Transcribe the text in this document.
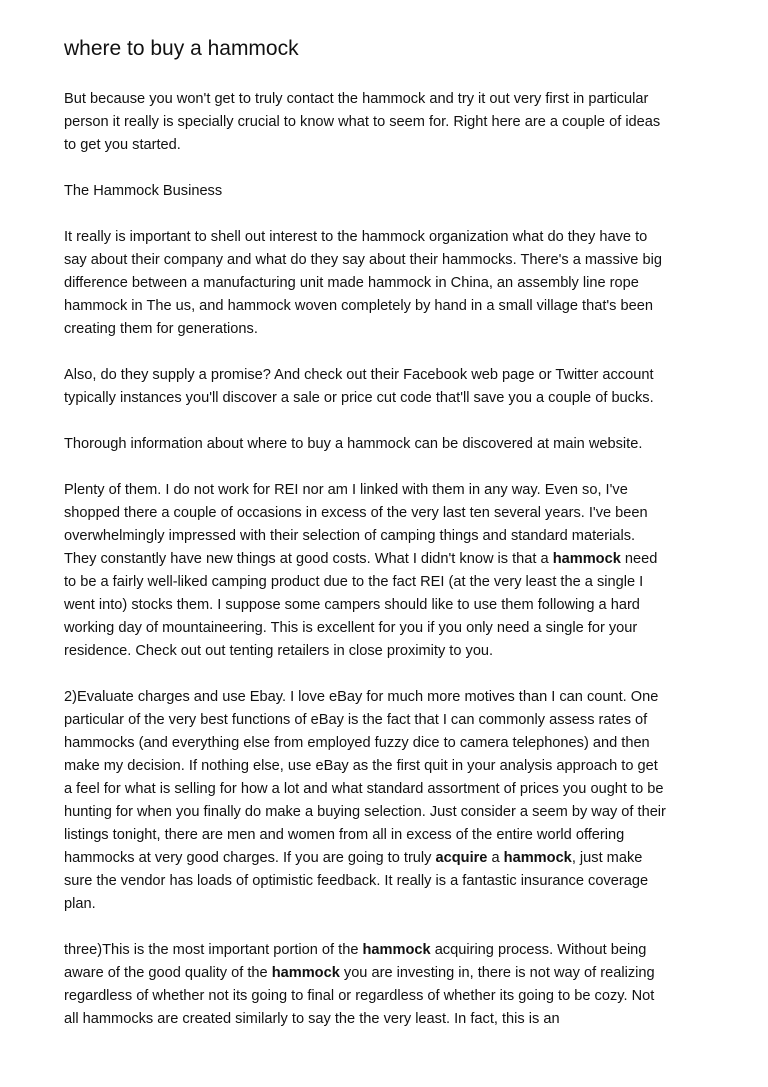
where to buy a hammock
But because you won't get to truly contact the hammock and try it out very first in particular
person it really is specially crucial to know what to seem for. Right here are a couple of ideas
to get you started.
The Hammock Business
It really is important to shell out interest to the hammock organization what do they have to
say about their company and what do they say about their hammocks. There's a massive big
difference between a manufacturing unit made hammock in China, an assembly line rope
hammock in The us, and hammock woven completely by hand in a small village that's been
creating them for generations.
Also, do they supply a promise? And check out their Facebook web page or Twitter account
typically instances you'll discover a sale or price cut code that'll save you a couple of bucks.
Thorough information about where to buy a hammock can be discovered at main website.
Plenty of them. I do not work for REI nor am I linked with them in any way. Even so, I've
shopped there a couple of occasions in excess of the very last ten several years. I've been
overwhelmingly impressed with their selection of camping things and standard materials.
They constantly have new things at good costs. What I didn't know is that a hammock need
to be a fairly well-liked camping product due to the fact REI (at the very least the a single I
went into) stocks them. I suppose some campers should like to use them following a hard
working day of mountaineering. This is excellent for you if you only need a single for your
residence. Check out out tenting retailers in close proximity to you.
2)Evaluate charges and use Ebay. I love eBay for much more motives than I can count. One
particular of the very best functions of eBay is the fact that I can commonly assess rates of
hammocks (and everything else from employed fuzzy dice to camera telephones) and then
make my decision. If nothing else, use eBay as the first quit in your analysis approach to get
a feel for what is selling for how a lot and what standard assortment of prices you ought to be
hunting for when you finally do make a buying selection. Just consider a seem by way of their
listings tonight, there are men and women from all in excess of the entire world offering
hammocks at very good charges. If you are going to truly acquire a hammock, just make
sure the vendor has loads of optimistic feedback. It really is a fantastic insurance coverage
plan.
three)This is the most important portion of the hammock acquiring process. Without being
aware of the good quality of the hammock you are investing in, there is not way of realizing
regardless of whether not its going to final or regardless of whether its going to be cozy. Not
all hammocks are created similarly to say the the very least. In fact, this is an
